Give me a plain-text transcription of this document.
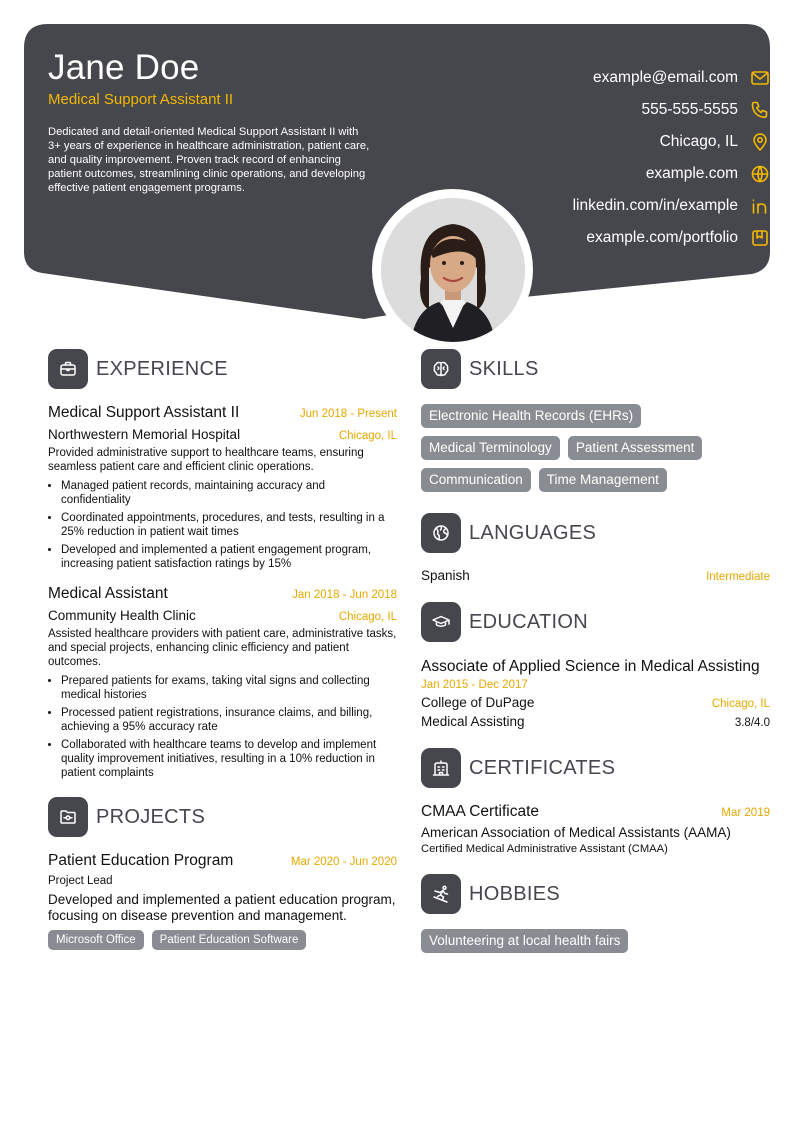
Jane Doe
Medical Support Assistant II
Dedicated and detail-oriented Medical Support Assistant II with 3+ years of experience in healthcare administration, patient care, and quality improvement. Proven track record of enhancing patient outcomes, streamlining clinic operations, and developing effective patient engagement programs.
example@email.com
555-555-5555
Chicago, IL
example.com
linkedin.com/in/example
example.com/portfolio
EXPERIENCE
Medical Support Assistant II	Jun 2018 - Present
Northwestern Memorial Hospital	Chicago, IL
Provided administrative support to healthcare teams, ensuring seamless patient care and efficient clinic operations.
• Managed patient records, maintaining accuracy and confidentiality
• Coordinated appointments, procedures, and tests, resulting in a 25% reduction in patient wait times
• Developed and implemented a patient engagement program, increasing patient satisfaction ratings by 15%
Medical Assistant	Jan 2018 - Jun 2018
Community Health Clinic	Chicago, IL
Assisted healthcare providers with patient care, administrative tasks, and special projects, enhancing clinic efficiency and patient outcomes.
• Prepared patients for exams, taking vital signs and collecting medical histories
• Processed patient registrations, insurance claims, and billing, achieving a 95% accuracy rate
• Collaborated with healthcare teams to develop and implement quality improvement initiatives, resulting in a 10% reduction in patient complaints
PROJECTS
Patient Education Program	Mar 2020 - Jun 2020
Project Lead
Developed and implemented a patient education program, focusing on disease prevention and management.
Microsoft Office	Patient Education Software
SKILLS
Electronic Health Records (EHRs)
Medical Terminology	Patient Assessment
Communication	Time Management
LANGUAGES
Spanish	Intermediate
EDUCATION
Associate of Applied Science in Medical Assisting
Jan 2015 - Dec 2017
College of DuPage	Chicago, IL
Medical Assisting	3.8/4.0
CERTIFICATES
CMAA Certificate	Mar 2019
American Association of Medical Assistants (AAMA)
Certified Medical Administrative Assistant (CMAA)
HOBBIES
Volunteering at local health fairs
